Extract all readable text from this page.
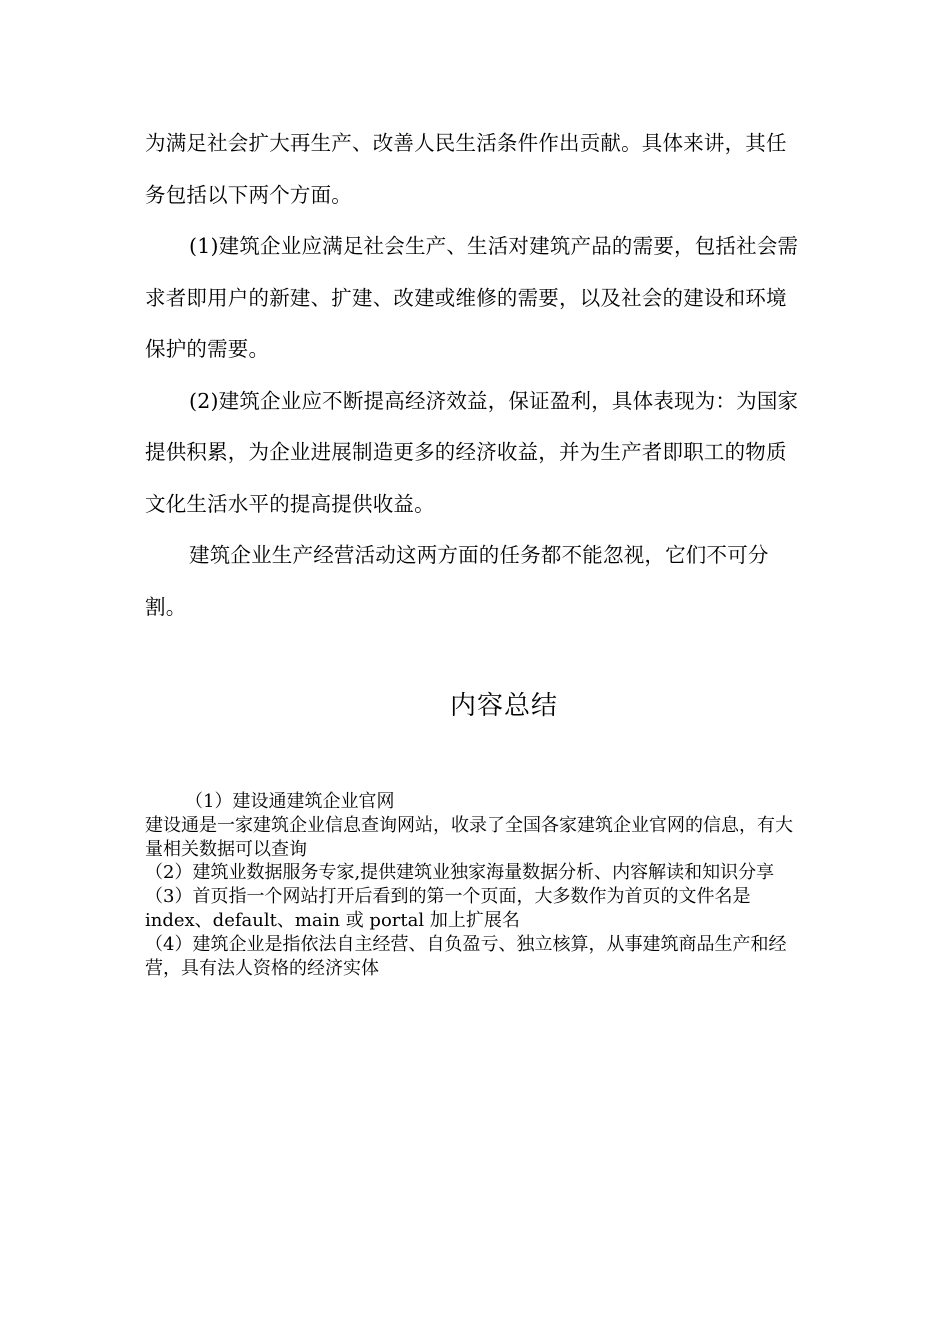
为满足社会扩大再生产、改善人民生活条件作出贡献。具体来讲，其任务包括以下两个方面。

(1)建筑企业应满足社会生产、生活对建筑产品的需要，包括社会需求者即用户的新建、扩建、改建或维修的需要，以及社会的建设和环境保护的需要。

(2)建筑企业应不断提高经济效益，保证盈利，具体表现为：为国家提供积累，为企业进展制造更多的经济收益，并为生产者即职工的物质文化生活水平的提高提供收益。

建筑企业生产经营活动这两方面的任务都不能忽视，它们不可分割。

内容总结

（1）建设通建筑企业官网

建设通是一家建筑企业信息查询网站，收录了全国各家建筑企业官网的信息，有大量相关数据可以查询

（2）建筑业数据服务专家,提供建筑业独家海量数据分析、内容解读和知识分享

（3）首页指一个网站打开后看到的第一个页面，大多数作为首页的文件名是 index、default、main 或 portal 加上扩展名

（4）建筑企业是指依法自主经营、自负盈亏、独立核算，从事建筑商品生产和经营，具有法人资格的经济实体
